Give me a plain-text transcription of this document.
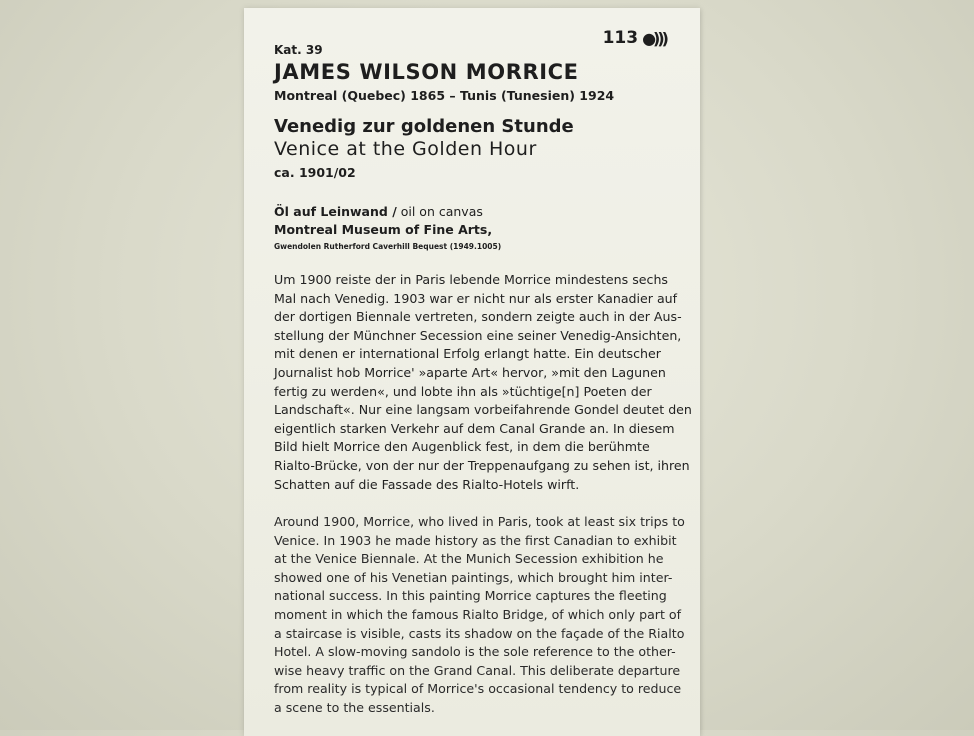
113 ●)))
Kat. 39
JAMES WILSON MORRICE
Montreal (Quebec) 1865 – Tunis (Tunesien) 1924
Venedig zur goldenen Stunde
Venice at the Golden Hour
ca. 1901/02
Öl auf Leinwand / oil on canvas
Montreal Museum of Fine Arts,
Gwendolen Rutherford Caverhill Bequest (1949.1005)
Um 1900 reiste der in Paris lebende Morrice mindestens sechs
Mal nach Venedig. 1903 war er nicht nur als erster Kanadier auf
der dortigen Biennale vertreten, sondern zeigte auch in der Aus-
stellung der Münchner Secession eine seiner Venedig-Ansichten,
mit denen er international Erfolg erlangt hatte. Ein deutscher
Journalist hob Morrice' »aparte Art« hervor, »mit den Lagunen
fertig zu werden«, und lobte ihn als »tüchtige[n] Poeten der
Landschaft«. Nur eine langsam vorbeifahrende Gondel deutet den
eigentlich starken Verkehr auf dem Canal Grande an. In diesem
Bild hielt Morrice den Augenblick fest, in dem die berühmte
Rialto-Brücke, von der nur der Treppenaufgang zu sehen ist, ihren
Schatten auf die Fassade des Rialto-Hotels wirft.
Around 1900, Morrice, who lived in Paris, took at least six trips to
Venice. In 1903 he made history as the first Canadian to exhibit
at the Venice Biennale. At the Munich Secession exhibition he
showed one of his Venetian paintings, which brought him inter-
national success. In this painting Morrice captures the fleeting
moment in which the famous Rialto Bridge, of which only part of
a staircase is visible, casts its shadow on the façade of the Rialto
Hotel. A slow-moving sandolo is the sole reference to the other-
wise heavy traffic on the Grand Canal. This deliberate departure
from reality is typical of Morrice's occasional tendency to reduce
a scene to the essentials.
